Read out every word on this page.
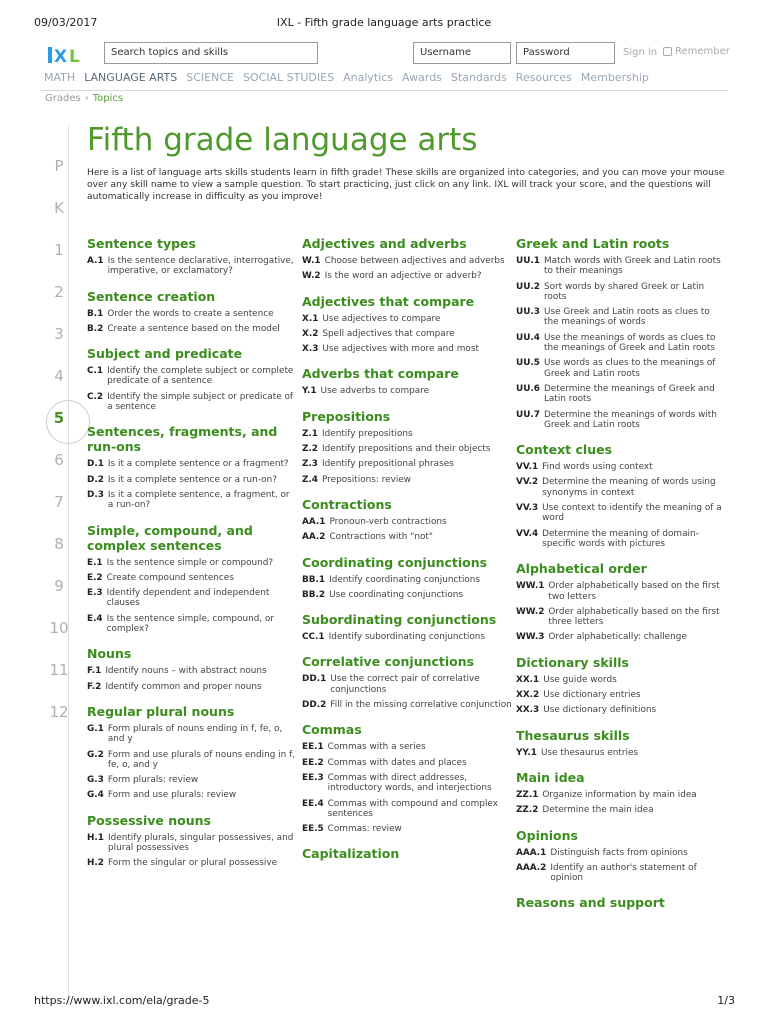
09/03/2017	IXL - Fifth grade language arts practice
X L	Search topics and skills	Username	Password	Sign in Remember
MATH LANGUAGE ARTS SCIENCE SOCIAL STUDIES Analytics Awards Standards Resources Membership
Grades › Topics
P
K
1
2
3
4
5
6
7
8
9
10
11
12
Fifth grade language arts

Here is a list of language arts skills students learn in fifth grade! These skills are organized into categories, and you can move your mouse over any skill name to view a sample question. To start practicing, just click on any link. IXL will track your score, and the questions will automatically increase in difficulty as you improve!

Sentence types
A.1 Is the sentence declarative, interrogative, imperative, or exclamatory?
Sentence creation
B.1 Order the words to create a sentence
B.2 Create a sentence based on the model
Subject and predicate
C.1 Identify the complete subject or complete predicate of a sentence
C.2 Identify the simple subject or predicate of a sentence
Sentences, fragments, and run-ons
D.1 Is it a complete sentence or a fragment?
D.2 Is it a complete sentence or a run-on?
D.3 Is it a complete sentence, a fragment, or a run-on?
Simple, compound, and complex sentences
E.1 Is the sentence simple or compound?
E.2 Create compound sentences
E.3 Identify dependent and independent clauses
E.4 Is the sentence simple, compound, or complex?
Nouns
F.1 Identify nouns – with abstract nouns
F.2 Identify common and proper nouns
Regular plural nouns
G.1 Form plurals of nouns ending in f, fe, o, and y
G.2 Form and use plurals of nouns ending in f, fe, o, and y
G.3 Form plurals: review
G.4 Form and use plurals: review
Possessive nouns
H.1 Identify plurals, singular possessives, and plural possessives
H.2 Form the singular or plural possessive
Adjectives and adverbs
W.1 Choose between adjectives and adverbs
W.2 Is the word an adjective or adverb?
Adjectives that compare
X.1 Use adjectives to compare
X.2 Spell adjectives that compare
X.3 Use adjectives with more and most
Adverbs that compare
Y.1 Use adverbs to compare
Prepositions
Z.1 Identify prepositions
Z.2 Identify prepositions and their objects
Z.3 Identify prepositional phrases
Z.4 Prepositions: review
Contractions
AA.1 Pronoun-verb contractions
AA.2 Contractions with "not"
Coordinating conjunctions
BB.1 Identify coordinating conjunctions
BB.2 Use coordinating conjunctions
Subordinating conjunctions
CC.1 Identify subordinating conjunctions
Correlative conjunctions
DD.1 Use the correct pair of correlative conjunctions
DD.2 Fill in the missing correlative conjunction
Commas
EE.1 Commas with a series
EE.2 Commas with dates and places
EE.3 Commas with direct addresses, introductory words, and interjections
EE.4 Commas with compound and complex sentences
EE.5 Commas: review
Capitalization
Greek and Latin roots
UU.1 Match words with Greek and Latin roots to their meanings
UU.2 Sort words by shared Greek or Latin roots
UU.3 Use Greek and Latin roots as clues to the meanings of words
UU.4 Use the meanings of words as clues to the meanings of Greek and Latin roots
UU.5 Use words as clues to the meanings of Greek and Latin roots
UU.6 Determine the meanings of Greek and Latin roots
UU.7 Determine the meanings of words with Greek and Latin roots
Context clues
VV.1 Find words using context
VV.2 Determine the meaning of words using synonyms in context
VV.3 Use context to identify the meaning of a word
VV.4 Determine the meaning of domain-specific words with pictures
Alphabetical order
WW.1 Order alphabetically based on the first two letters
WW.2 Order alphabetically based on the first three letters
WW.3 Order alphabetically: challenge
Dictionary skills
XX.1 Use guide words
XX.2 Use dictionary entries
XX.3 Use dictionary definitions
Thesaurus skills
YY.1 Use thesaurus entries
Main idea
ZZ.1 Organize information by main idea
ZZ.2 Determine the main idea
Opinions
AAA.1 Distinguish facts from opinions
AAA.2 Identify an author's statement of opinion
Reasons and support
https://www.ixl.com/ela/grade-5	1/3
